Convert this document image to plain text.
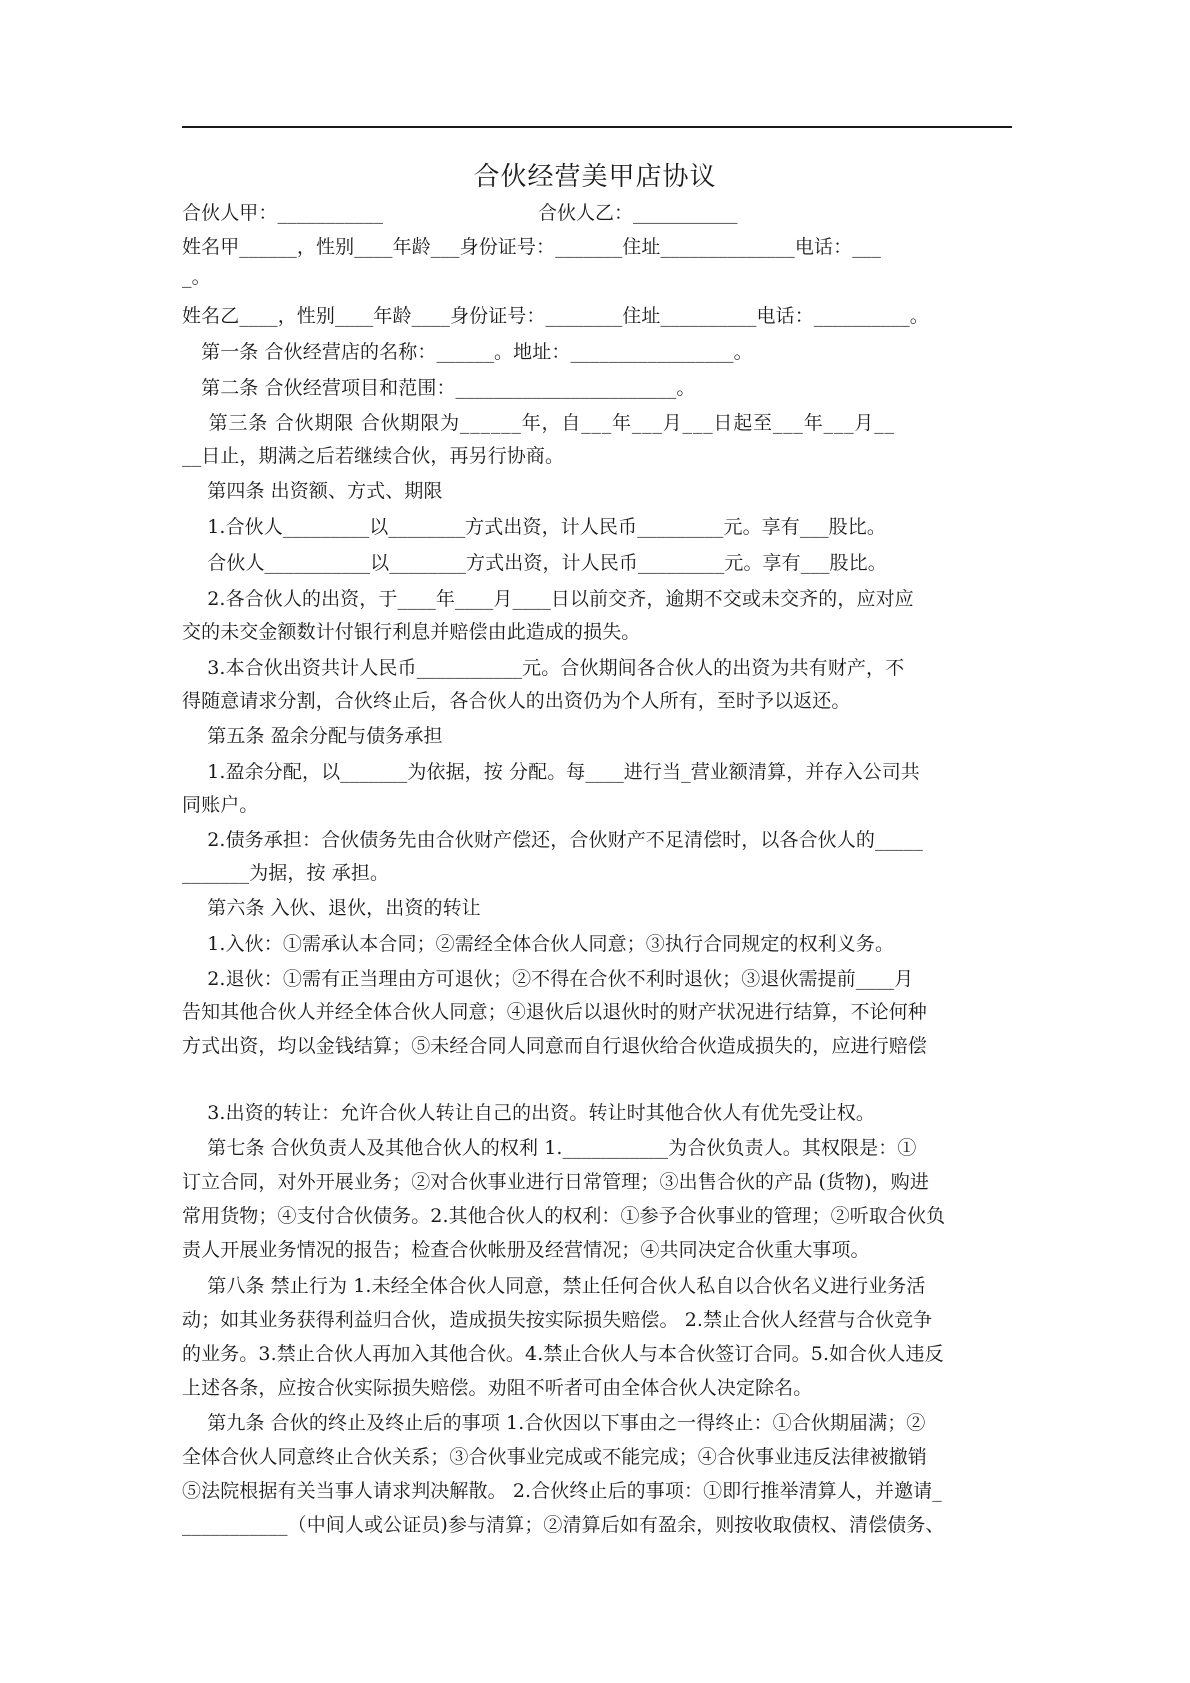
合伙经营美甲店协议
合伙人乙：___________
合伙人甲：___________
姓名甲______，性别____年龄___身份证号：_______住址______________电话：___
_。
姓名乙____，性别____年龄____身份证号：________住址__________电话：__________。
　第一条 合伙经营店的名称：______。地址：_________________。
　第二条 合伙经营项目和范围：_______________________。
　 第三条 合伙期限 合伙期限为______年，自___年___月___日起至___年___月__
__日止，期满之后若继续合伙，再另行协商。
　 第四条 出资额、方式、期限
　 1.合伙人_________以________方式出资，计人民币_________元。享有___股比。
　 合伙人___________以________方式出资，计人民币_________元。享有___股比。
　 2.各合伙人的出资，于____年____月____日以前交齐，逾期不交或未交齐的，应对应
交的未交金额数计付银行利息并赔偿由此造成的损失。
　 3.本合伙出资共计人民币___________元。合伙期间各合伙人的出资为共有财产，不
得随意请求分割，合伙终止后，各合伙人的出资仍为个人所有，至时予以返还。
　 第五条 盈余分配与债务承担
　 1.盈余分配，以_______为依据，按 分配。每____进行当_营业额清算，并存入公司共
同账户。
　 2.债务承担：合伙债务先由合伙财产偿还，合伙财产不足清偿时，以各合伙人的_____
_______为据，按 承担。
　 第六条 入伙、退伙，出资的转让
　 1.入伙：①需承认本合同；②需经全体合伙人同意；③执行合同规定的权利义务。
　 2.退伙：①需有正当理由方可退伙；②不得在合伙不利时退伙；③退伙需提前____月
告知其他合伙人并经全体合伙人同意；④退伙后以退伙时的财产状况进行结算，不论何种
方式出资，均以金钱结算；⑤未经合同人同意而自行退伙给合伙造成损失的，应进行赔偿
　 3.出资的转让：允许合伙人转让自己的出资。转让时其他合伙人有优先受让权。
　 第七条 合伙负责人及其他合伙人的权利 1.___________为合伙负责人。其权限是：①
订立合同，对外开展业务；②对合伙事业进行日常管理；③出售合伙的产品 (货物)，购进
常用货物；④支付合伙债务。2.其他合伙人的权利：①参予合伙事业的管理；②听取合伙负
责人开展业务情况的报告；检查合伙帐册及经营情况；④共同决定合伙重大事项。
　 第八条 禁止行为 1.未经全体合伙人同意，禁止任何合伙人私自以合伙名义进行业务活
动；如其业务获得利益归合伙，造成损失按实际损失赔偿。 2.禁止合伙人经营与合伙竞争
的业务。3.禁止合伙人再加入其他合伙。4.禁止合伙人与本合伙签订合同。5.如合伙人违反
上述各条，应按合伙实际损失赔偿。劝阻不听者可由全体合伙人决定除名。
　 第九条 合伙的终止及终止后的事项 1.合伙因以下事由之一得终止：①合伙期届满；②
全体合伙人同意终止合伙关系；③合伙事业完成或不能完成；④合伙事业违反法律被撤销
⑤法院根据有关当事人请求判决解散。 2.合伙终止后的事项：①即行推举清算人，并邀请_
___________（中间人或公证员)参与清算；②清算后如有盈余，则按收取债权、清偿债务、
